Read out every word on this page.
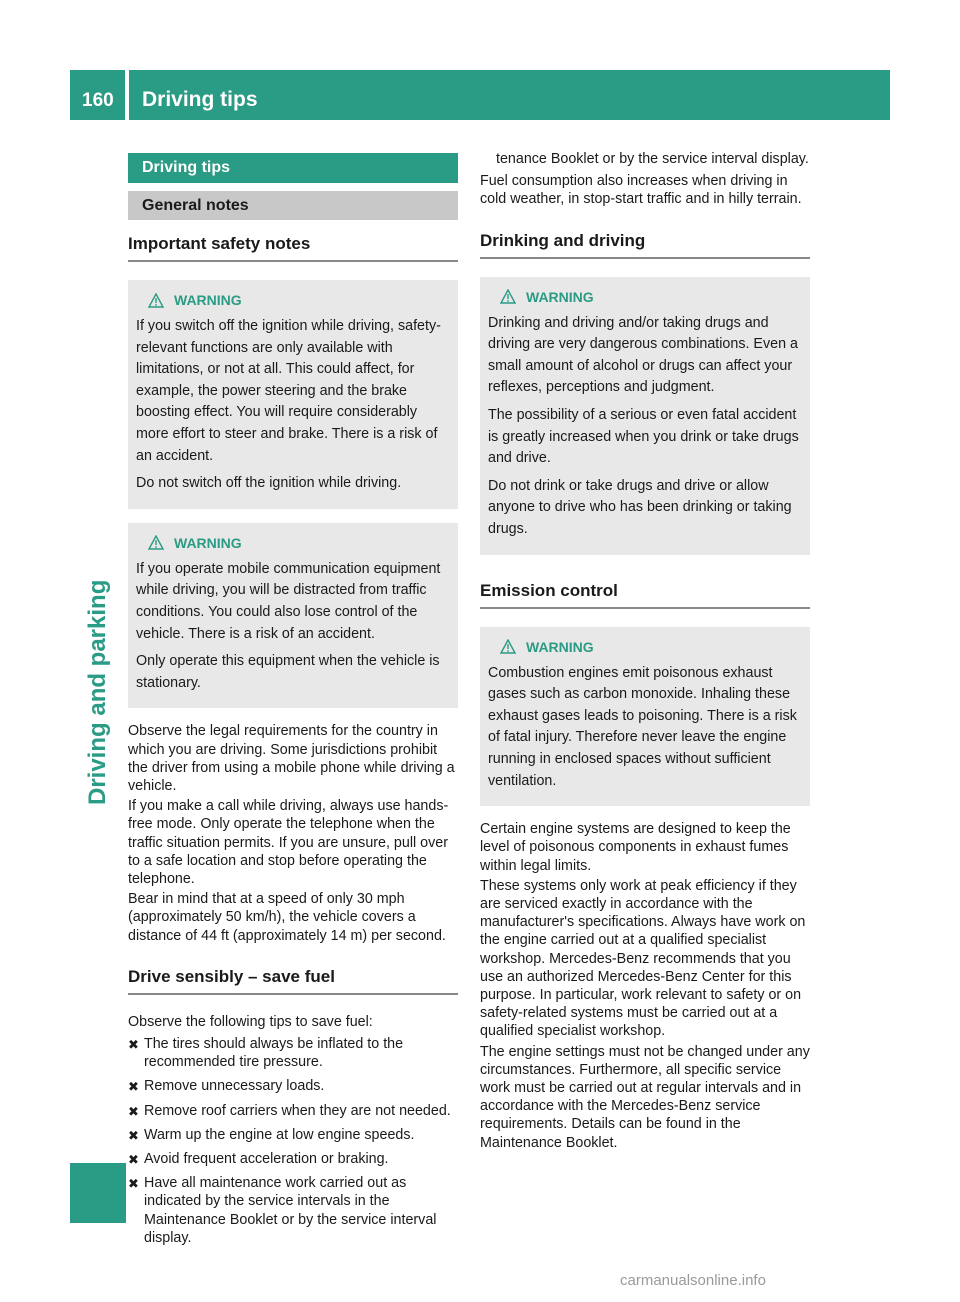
160 Driving tips
Driving and parking
Driving tips
General notes
Important safety notes
WARNING

If you switch off the ignition while driving, safety-relevant functions are only available with limitations, or not at all. This could affect, for example, the power steering and the brake boosting effect. You will require considerably more effort to steer and brake. There is a risk of an accident.

Do not switch off the ignition while driving.

WARNING

If you operate mobile communication equipment while driving, you will be distracted from traffic conditions. You could also lose control of the vehicle. There is a risk of an accident.

Only operate this equipment when the vehicle is stationary.

Observe the legal requirements for the country in which you are driving. Some jurisdictions prohibit the driver from using a mobile phone while driving a vehicle.

If you make a call while driving, always use hands-free mode. Only operate the telephone when the traffic situation permits. If you are unsure, pull over to a safe location and stop before operating the telephone.

Bear in mind that at a speed of only 30 mph (approximately 50 km/h), the vehicle covers a distance of 44 ft (approximately 14 m) per second.

Drive sensibly – save fuel

Observe the following tips to save fuel:

✖ The tires should always be inflated to the recommended tire pressure.
✖ Remove unnecessary loads.
✖ Remove roof carriers when they are not needed.
✖ Warm up the engine at low engine speeds.
✖ Avoid frequent acceleration or braking.
✖ Have all maintenance work carried out as indicated by the service intervals in the Maintenance Booklet or by the service interval display.

tenance Booklet or by the service interval display.

Fuel consumption also increases when driving in cold weather, in stop-start traffic and in hilly terrain.

Drinking and driving
WARNING

Drinking and driving and/or taking drugs and driving are very dangerous combinations. Even a small amount of alcohol or drugs can affect your reflexes, perceptions and judgment.

The possibility of a serious or even fatal accident is greatly increased when you drink or take drugs and drive.

Do not drink or take drugs and drive or allow anyone to drive who has been drinking or taking drugs.

Emission control
WARNING

Combustion engines emit poisonous exhaust gases such as carbon monoxide. Inhaling these exhaust gases leads to poisoning. There is a risk of fatal injury. Therefore never leave the engine running in enclosed spaces without sufficient ventilation.

Certain engine systems are designed to keep the level of poisonous components in exhaust fumes within legal limits.

These systems only work at peak efficiency if they are serviced exactly in accordance with the manufacturer's specifications. Always have work on the engine carried out at a qualified specialist workshop. Mercedes-Benz recommends that you use an authorized Mercedes-Benz Center for this purpose. In particular, work relevant to safety or on safety-related systems must be carried out at a qualified specialist workshop.

The engine settings must not be changed under any circumstances. Furthermore, all specific service work must be carried out at regular intervals and in accordance with the Mercedes-Benz service requirements. Details can be found in the Maintenance Booklet.

carmanualsonline.info
